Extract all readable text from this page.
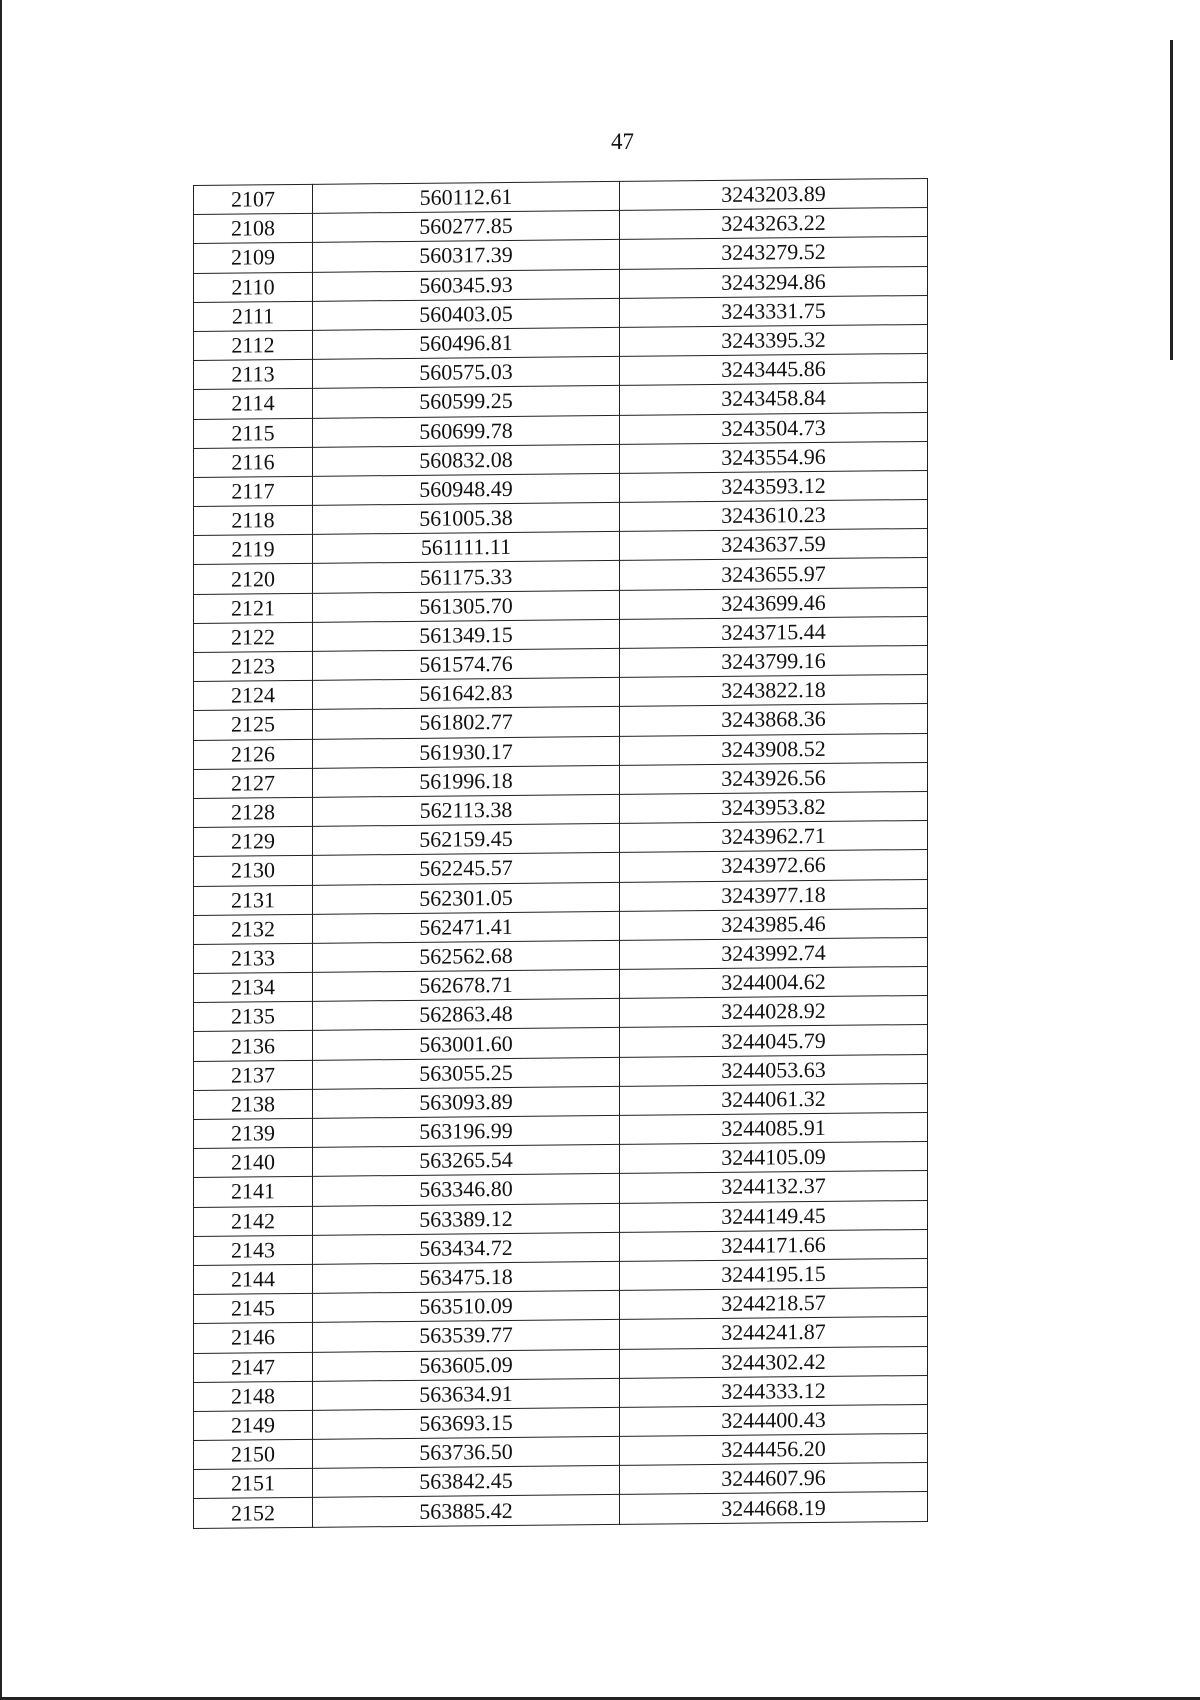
47
2107	560112.61	3243203.89
2108	560277.85	3243263.22
2109	560317.39	3243279.52
2110	560345.93	3243294.86
2111	560403.05	3243331.75
2112	560496.81	3243395.32
2113	560575.03	3243445.86
2114	560599.25	3243458.84
2115	560699.78	3243504.73
2116	560832.08	3243554.96
2117	560948.49	3243593.12
2118	561005.38	3243610.23
2119	561111.11	3243637.59
2120	561175.33	3243655.97
2121	561305.70	3243699.46
2122	561349.15	3243715.44
2123	561574.76	3243799.16
2124	561642.83	3243822.18
2125	561802.77	3243868.36
2126	561930.17	3243908.52
2127	561996.18	3243926.56
2128	562113.38	3243953.82
2129	562159.45	3243962.71
2130	562245.57	3243972.66
2131	562301.05	3243977.18
2132	562471.41	3243985.46
2133	562562.68	3243992.74
2134	562678.71	3244004.62
2135	562863.48	3244028.92
2136	563001.60	3244045.79
2137	563055.25	3244053.63
2138	563093.89	3244061.32
2139	563196.99	3244085.91
2140	563265.54	3244105.09
2141	563346.80	3244132.37
2142	563389.12	3244149.45
2143	563434.72	3244171.66
2144	563475.18	3244195.15
2145	563510.09	3244218.57
2146	563539.77	3244241.87
2147	563605.09	3244302.42
2148	563634.91	3244333.12
2149	563693.15	3244400.43
2150	563736.50	3244456.20
2151	563842.45	3244607.96
2152	563885.42	3244668.19
